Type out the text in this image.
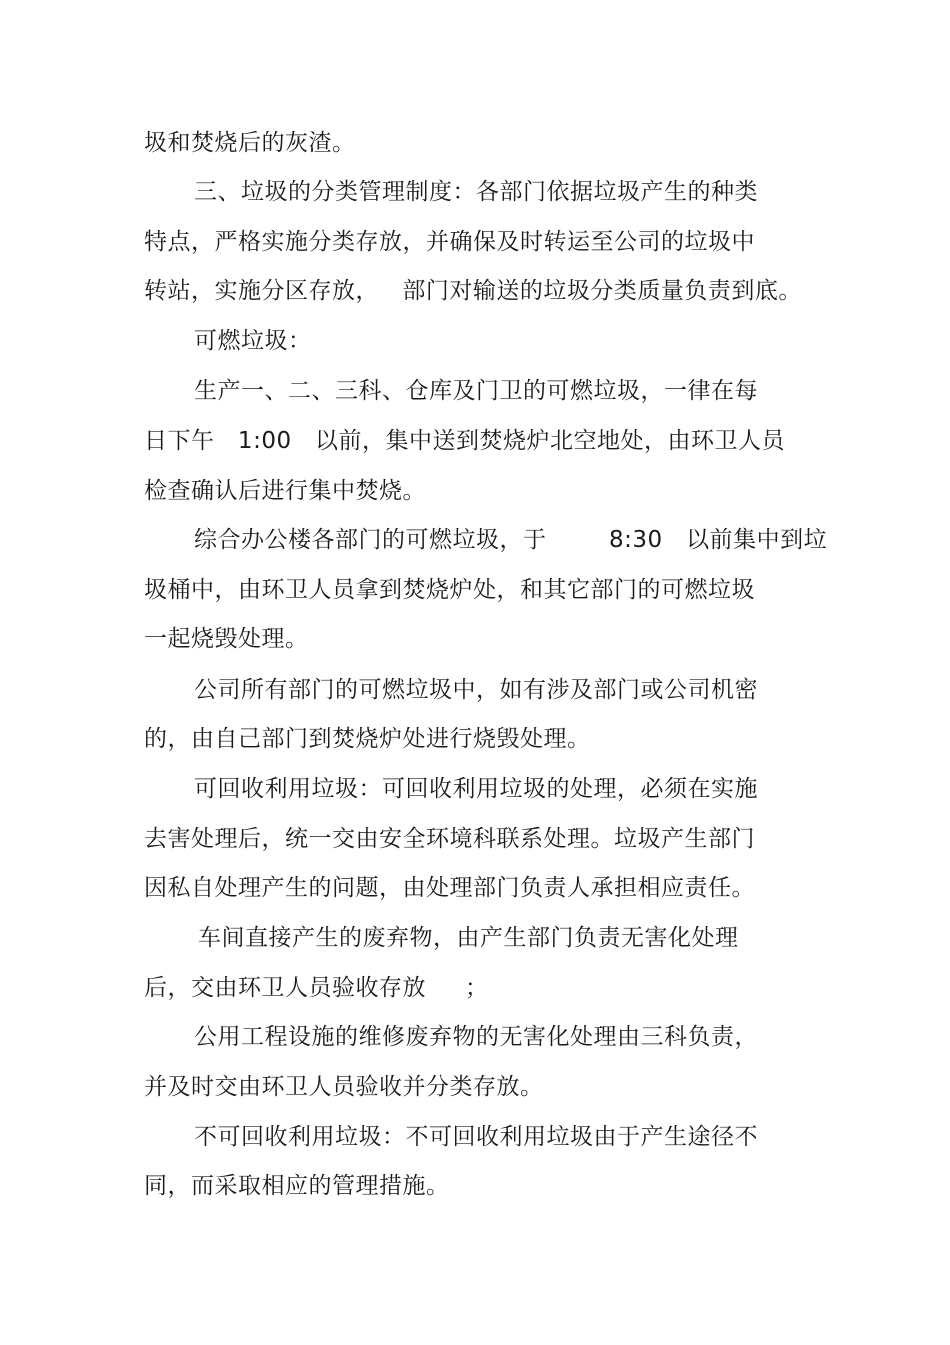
圾和焚烧后的灰渣。
三、垃圾的分类管理制度：各部门依据垃圾产生的种类
特点，严格实施分类存放，并确保及时转运至公司的垃圾中
转站，实施分区存放，   部门对输送的垃圾分类质量负责到底。
可燃垃圾：
生产一、二、三科、仓库及门卫的可燃垃圾，一律在每
日下午   1:00   以前，集中送到焚烧炉北空地处，由环卫人员
检查确认后进行集中焚烧。
综合办公楼各部门的可燃垃圾，于        8:30   以前集中到垃
圾桶中，由环卫人员拿到焚烧炉处，和其它部门的可燃垃圾
一起烧毁处理。
公司所有部门的可燃垃圾中，如有涉及部门或公司机密
的，由自己部门到焚烧炉处进行烧毁处理。
可回收利用垃圾：可回收利用垃圾的处理，必须在实施
去害处理后，统一交由安全环境科联系处理。垃圾产生部门
因私自处理产生的问题，由处理部门负责人承担相应责任。
车间直接产生的废弃物，由产生部门负责无害化处理
后，交由环卫人员验收存放     ；
公用工程设施的维修废弃物的无害化处理由三科负责，
并及时交由环卫人员验收并分类存放。
不可回收利用垃圾：不可回收利用垃圾由于产生途径不
同，而采取相应的管理措施。
